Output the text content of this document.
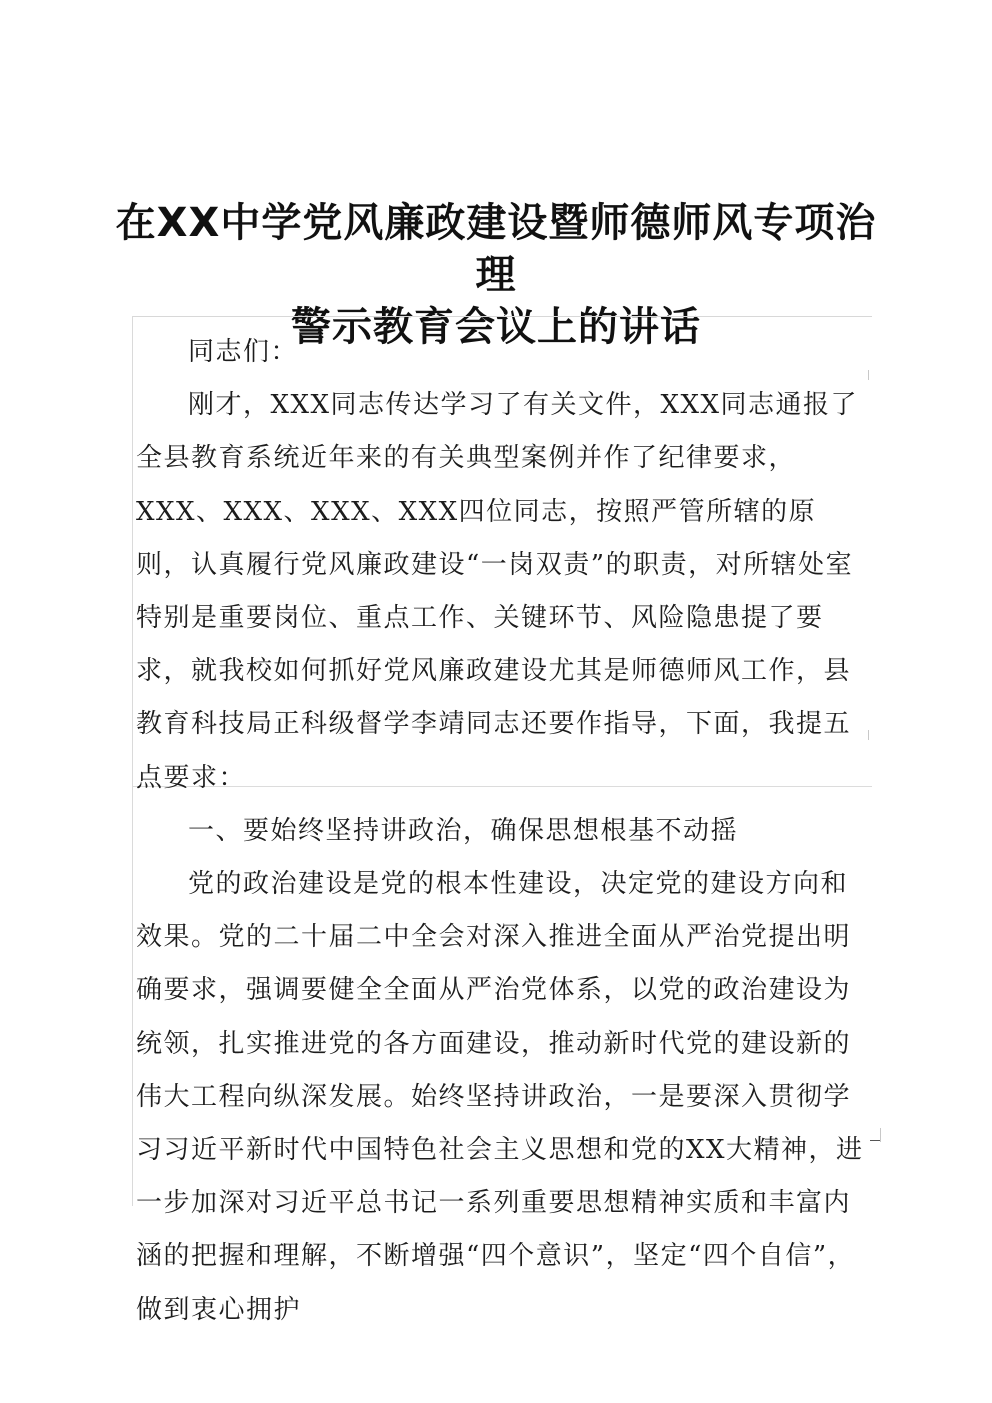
在XX中学党风廉政建设暨师德师风专项治理
警示教育会议上的讲话

同志们：

刚才，XXX同志传达学习了有关文件，XXX同志通报了全县教育系统近年来的有关典型案例并作了纪律要求，XXX、XXX、XXX、XXX四位同志，按照严管所辖的原则，认真履行党风廉政建设“一岗双责”的职责，对所辖处室特别是重要岗位、重点工作、关键环节、风险隐患提了要求，就我校如何抓好党风廉政建设尤其是师德师风工作，县教育科技局正科级督学李靖同志还要作指导，下面，我提五点要求：

一、要始终坚持讲政治，确保思想根基不动摇

党的政治建设是党的根本性建设，决定党的建设方向和效果。党的二十届二中全会对深入推进全面从严治党提出明确要求，强调要健全全面从严治党体系，以党的政治建设为统领，扎实推进党的各方面建设，推动新时代党的建设新的伟大工程向纵深发展。始终坚持讲政治，一是要深入贯彻学习习近平新时代中国特色社会主义思想和党的XX大精神，进一步加深对习近平总书记一系列重要思想精神实质和丰富内涵的把握和理解，不断增强“四个意识”，坚定“四个自信”，做到衷心拥护
